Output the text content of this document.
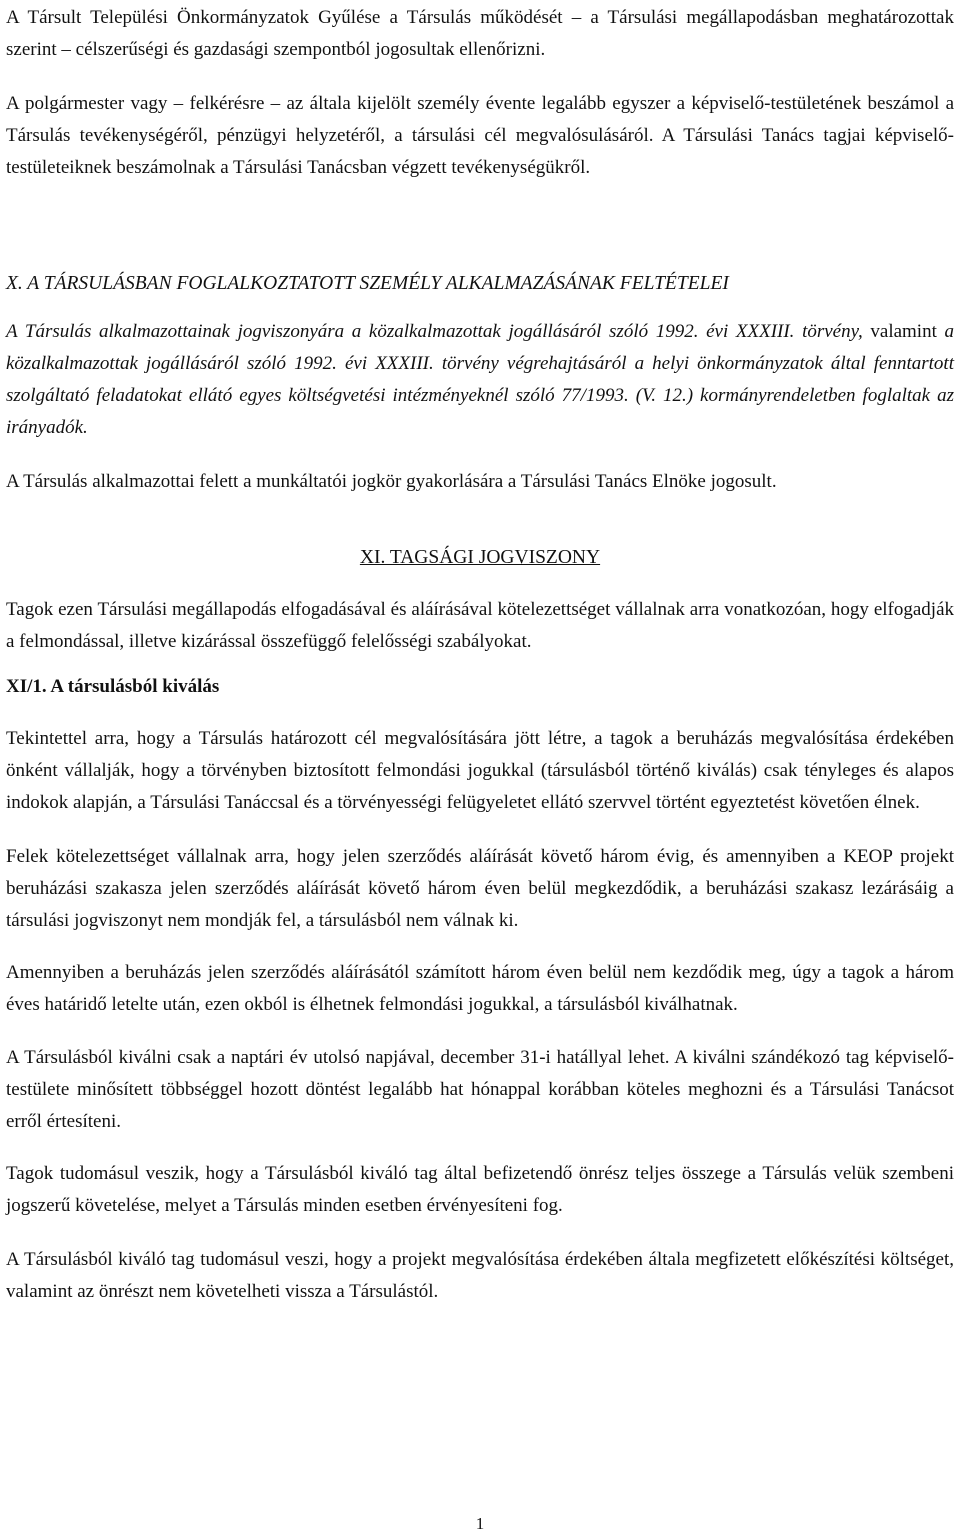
A Társult Települési Önkormányzatok Gyűlése a Társulás működését – a Társulási megállapodásban meghatározottak szerint – célszerűségi és gazdasági szempontból jogosultak ellenőrizni.

A polgármester vagy – felkérésre – az általa kijelölt személy évente legalább egyszer a képviselő-testületének beszámol a Társulás tevékenységéről, pénzügyi helyzetéről, a társulási cél megvalósulásáról. A Társulási Tanács tagjai képviselő-testületeiknek beszámolnak a Társulási Tanácsban végzett tevékenységükről.

X. A TÁRSULÁSBAN FOGLALKOZTATOTT SZEMÉLY ALKALMAZÁSÁNAK FELTÉTELEI

A Társulás alkalmazottainak jogviszonyára a közalkalmazottak jogállásáról szóló 1992. évi XXXIII. törvény, valamint a közalkalmazottak jogállásáról szóló 1992. évi XXXIII. törvény végrehajtásáról a helyi önkormányzatok által fenntartott szolgáltató feladatokat ellátó egyes költségvetési intézményeknél szóló 77/1993. (V. 12.) kormányrendeletben foglaltak az irányadók.

A Társulás alkalmazottai felett a munkáltatói jogkör gyakorlására a Társulási Tanács Elnöke jogosult.

XI. TAGSÁGI JOGVISZONY

Tagok ezen Társulási megállapodás elfogadásával és aláírásával kötelezettséget vállalnak arra vonatkozóan, hogy elfogadják a felmondással, illetve kizárással összefüggő felelősségi szabályokat.

XI/1. A társulásból kiválás

Tekintettel arra, hogy a Társulás határozott cél megvalósítására jött létre, a tagok a beruházás megvalósítása érdekében önként vállalják, hogy a törvényben biztosított felmondási jogukkal (társulásból történő kiválás) csak tényleges és alapos indokok alapján, a Társulási Tanáccsal és a törvényességi felügyeletet ellátó szervvel történt egyeztetést követően élnek.

Felek kötelezettséget vállalnak arra, hogy jelen szerződés aláírását követő három évig, és amennyiben a KEOP projekt beruházási szakasza jelen szerződés aláírását követő három éven belül megkezdődik, a beruházási szakasz lezárásáig a társulási jogviszonyt nem mondják fel, a társulásból nem válnak ki.

Amennyiben a beruházás jelen szerződés aláírásától számított három éven belül nem kezdődik meg, úgy a tagok a három éves határidő letelte után, ezen okból is élhetnek felmondási jogukkal, a társulásból kiválhatnak.

A Társulásból kiválni csak a naptári év utolsó napjával, december 31-i hatállyal lehet. A kiválni szándékozó tag képviselő-testülete minősített többséggel hozott döntést legalább hat hónappal korábban köteles meghozni és a Társulási Tanácsot erről értesíteni.

Tagok tudomásul veszik, hogy a Társulásból kiváló tag által befizetendő önrész teljes összege a Társulás velük szembeni jogszerű követelése, melyet a Társulás minden esetben érvényesíteni fog.

A Társulásból kiváló tag tudomásul veszi, hogy a projekt megvalósítása érdekében általa megfizetett előkészítési költséget, valamint az önrészt nem követelheti vissza a Társulástól.

1
